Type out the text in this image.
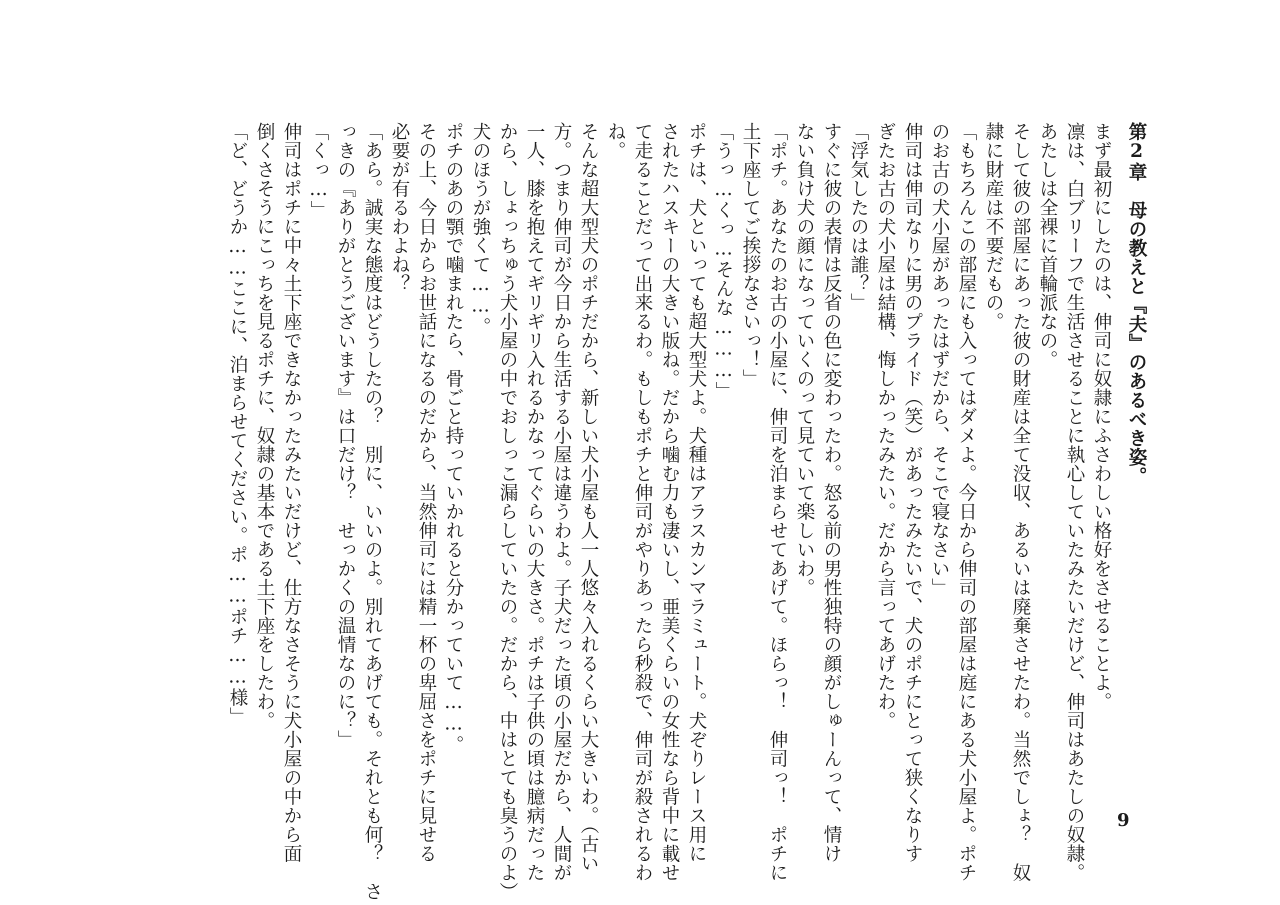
第2章　母の教えと『夫』のあるべき姿。
まず最初にしたのは、伸司に奴隷にふさわしい格好をさせることよ。
凛は、白ブリーフで生活させることに執心していたみたいだけど、伸司はあたしの奴隷。
あたしは全裸に首輪派なの。
そして彼の部屋にあった彼の財産は全て没収、あるいは廃棄させたわ。当然でしょ？　奴
隷に財産は不要だもの。
「もちろんこの部屋にも入ってはダメよ。今日から伸司の部屋は庭にある犬小屋よ。ポチ
のお古の犬小屋があったはずだから、そこで寝なさい」
伸司は伸司なりに男のプライド（笑）があったみたいで、犬のポチにとって狭くなりす
ぎたお古の犬小屋は結構、悔しかったみたい。だから言ってあげたわ。
「浮気したのは誰？」
すぐに彼の表情は反省の色に変わったわ。怒る前の男性独特の顔がしゅーんって、情け
ない負け犬の顔になっていくのって見ていて楽しいわ。
「ポチ。あなたのお古の小屋に、伸司を泊まらせてあげて。ほらっ！　伸司っ！　ポチに
土下座してご挨拶なさいっ！」
「うっ…くっ…そんな………」
ポチは、犬といっても超大型犬よ。犬種はアラスカンマラミュート。犬ぞりレース用に
されたハスキーの大きい版ね。だから噛む力も凄いし、亜美くらいの女性なら背中に載せ
て走ることだって出来るわ。もしもポチと伸司がやりあったら秒殺で、伸司が殺されるわ
ね。
そんな超大型犬のポチだから、新しい犬小屋も人一人悠々入れるくらい大きいわ。（古い
方。つまり伸司が今日から生活する小屋は違うわよ。子犬だった頃の小屋だから、人間が
一人、膝を抱えてギリギリ入れるかなってぐらいの大きさ。ポチは子供の頃は臆病だった
から、しょっちゅう犬小屋の中でおしっこ漏らしていたの。だから、中はとても臭うのよ）
犬のほうが強くて……。
ポチのあの顎で噛まれたら、骨ごと持っていかれると分かっていて……。
その上、今日からお世話になるのだから、当然伸司には精一杯の卑屈さをポチに見せる
必要が有るわよね？
「あら。誠実な態度はどうしたの？　別に、いいのよ。別れてあげても。それとも何？　さ
っきの『ありがとうございます』は口だけ？　せっかくの温情なのに？」
「くっ…」
伸司はポチに中々土下座できなかったみたいだけど、仕方なさそうに犬小屋の中から面
倒くさそうにこっちを見るポチに、奴隷の基本である土下座をしたわ。
「ど、どうか……ここに、泊まらせてください。ポ……ポチ……様」
9
